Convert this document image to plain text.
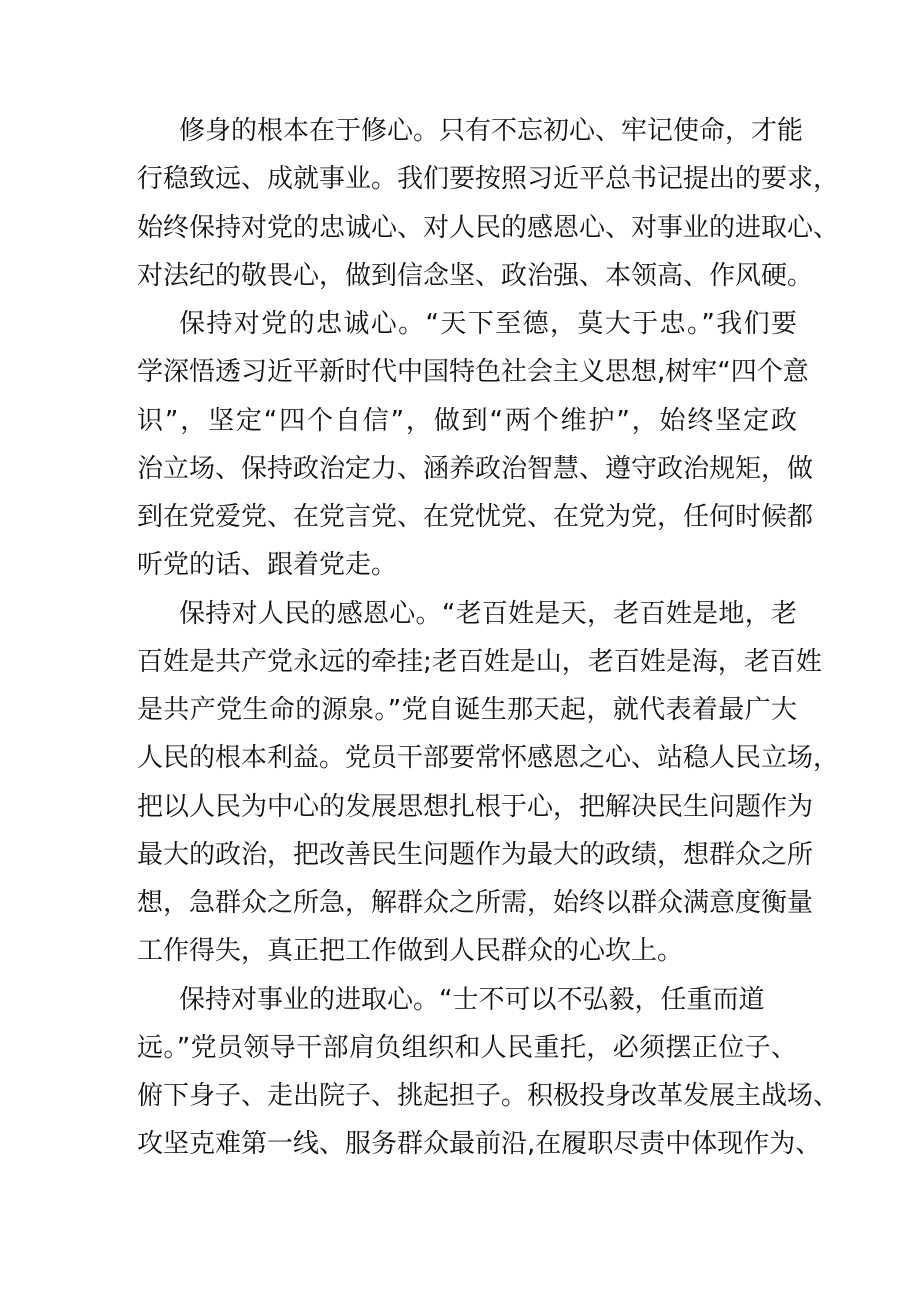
修身的根本在于修心。只有不忘初心、牢记使命，才能
行稳致远、成就事业。我们要按照习近平总书记提出的要求，
始终保持对党的忠诚心、对人民的感恩心、对事业的进取心、
对法纪的敬畏心，做到信念坚、政治强、本领高、作风硬。
保持对党的忠诚心。“天下至德，莫大于忠。”我们要
学深悟透习近平新时代中国特色社会主义思想,树牢“四个意
识”，坚定“四个自信”，做到“两个维护”，始终坚定政
治立场、保持政治定力、涵养政治智慧、遵守政治规矩，做
到在党爱党、在党言党、在党忧党、在党为党，任何时候都
听党的话、跟着党走。
保持对人民的感恩心。“老百姓是天，老百姓是地，老
百姓是共产党永远的牵挂;老百姓是山，老百姓是海，老百姓
是共产党生命的源泉。”党自诞生那天起，就代表着最广大
人民的根本利益。党员干部要常怀感恩之心、站稳人民立场，
把以人民为中心的发展思想扎根于心，把解决民生问题作为
最大的政治，把改善民生问题作为最大的政绩，想群众之所
想，急群众之所急，解群众之所需，始终以群众满意度衡量
工作得失，真正把工作做到人民群众的心坎上。
保持对事业的进取心。“士不可以不弘毅，任重而道
远。”党员领导干部肩负组织和人民重托，必须摆正位子、
俯下身子、走出院子、挑起担子。积极投身改革发展主战场、
攻坚克难第一线、服务群众最前沿,在履职尽责中体现作为、
